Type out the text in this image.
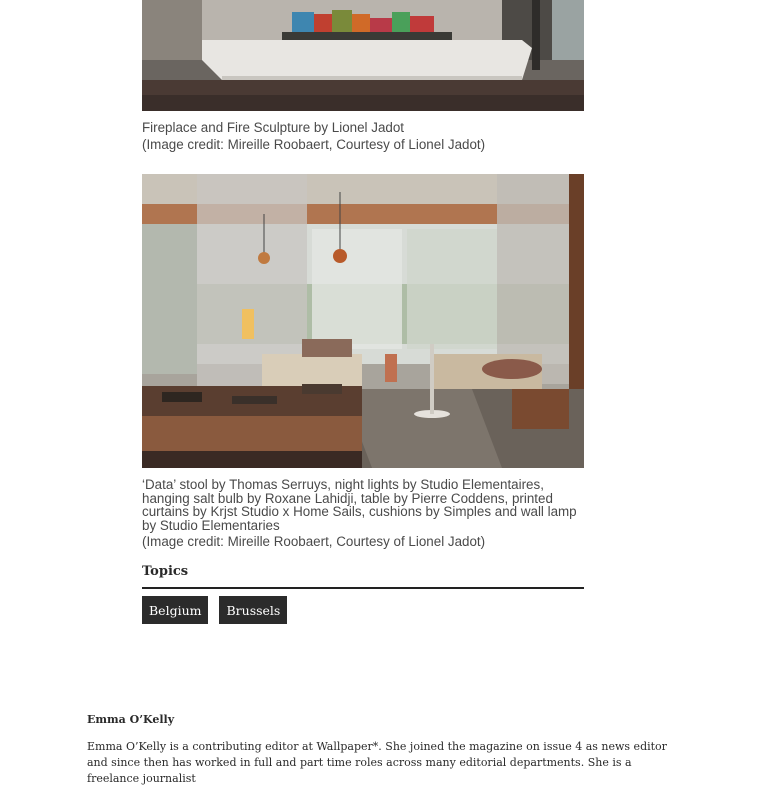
Fireplace and Fire Sculpture by Lionel Jadot
(Image credit: Mireille Roobaert, Courtesy of Lionel Jadot)

‘Data’ stool by Thomas Serruys, night lights by Studio Elementaires,
hanging salt bulb by Roxane Lahidji, table by Pierre Coddens, printed
curtains by Krjst Studio x Home Sails, cushions by Simples and wall lamp
by Studio Elementaries
(Image credit: Mireille Roobaert, Courtesy of Lionel Jadot)

Topics
Belgium	Brussels

Emma O’Kelly

Emma O’Kelly is a contributing editor at Wallpaper*. She joined the magazine on issue 4 as news editor and since then has worked in full and part time roles across many editorial departments. She is a freelance journalist
